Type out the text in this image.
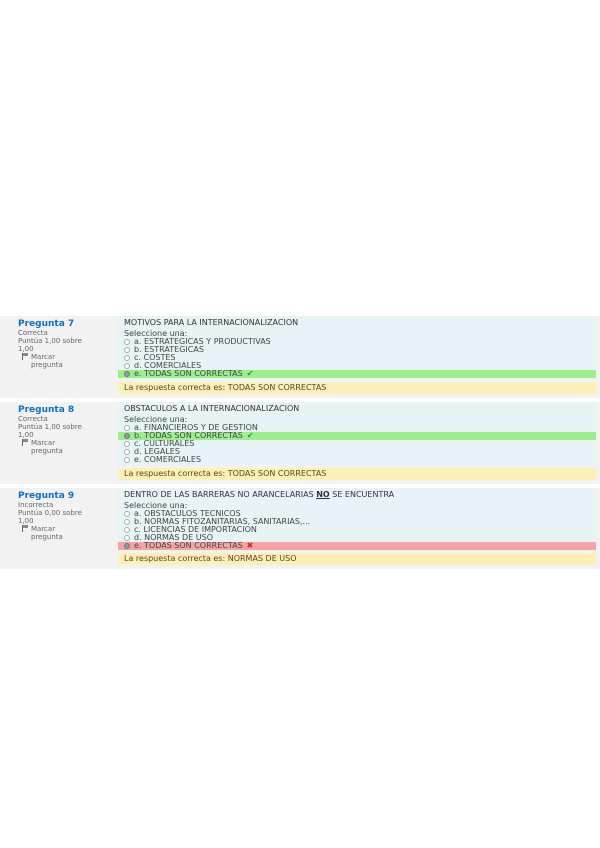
Pregunta 7
Correcta
Puntúa 1,00 sobre
1,00
Marcar
pregunta
MOTIVOS PARA LA INTERNACIONALIZACION
Seleccione una:
a. ESTRATEGICAS Y PRODUCTIVAS
b. ESTRATEGICAS
c. COSTES
d. COMERCIALES
e. TODAS SON CORRECTAS ✔
La respuesta correcta es: TODAS SON CORRECTAS
Pregunta 8
Correcta
Puntúa 1,00 sobre
1,00
Marcar
pregunta
OBSTACULOS A LA INTERNACIONALIZACION
Seleccione una:
a. FINANCIEROS Y DE GESTION
b. TODAS SON CORRECTAS ✔
c. CULTURALES
d. LEGALES
e. COMERCIALES
La respuesta correcta es: TODAS SON CORRECTAS
Pregunta 9
Incorrecta
Puntúa 0,00 sobre
1,00
Marcar
pregunta
DENTRO DE LAS BARRERAS NO ARANCELARIAS NO SE ENCUENTRA
Seleccione una:
a. OBSTACULOS TECNICOS
b. NORMAS FITOZANITARIAS, SANITARIAS,...
c. LICENCIAS DE IMPORTACION
d. NORMAS DE USO
e. TODAS SON CORRECTAS ✖
La respuesta correcta es: NORMAS DE USO
